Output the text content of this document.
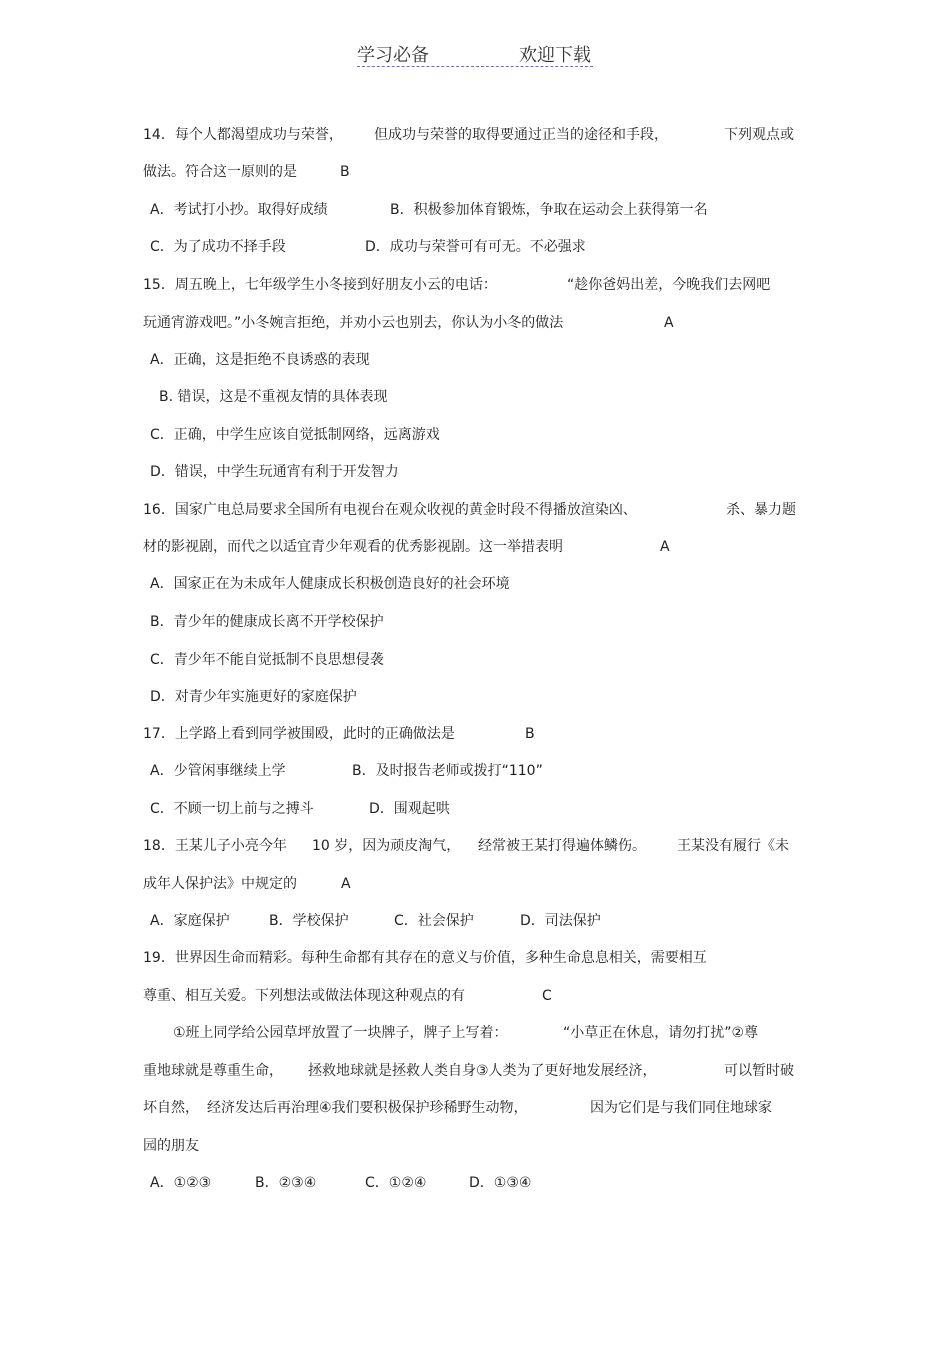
学习必备	欢迎下载
14．每个人都渴望成功与荣誉， 但成功与荣誉的取得要通过正当的途径和手段，	下列观点或
做法。符合这一原则的是	B
A．考试打小抄。取得好成绩	B．积极参加体育锻炼，争取在运动会上获得第一名
C．为了成功不择手段	D．成功与荣誉可有可无。不必强求
15．周五晚上，七年级学生小冬接到好朋友小云的电话：	“趁你爸妈出差，今晚我们去网吧
玩通宵游戏吧。”小冬婉言拒绝，并劝小云也别去，你认为小冬的做法	A
A．正确，这是拒绝不良诱惑的表现
B. 错误，这是不重视友情的具体表现
C．正确，中学生应该自觉抵制网络，远离游戏
D．错误，中学生玩通宵有利于开发智力
16．国家广电总局要求全国所有电视台在观众收视的黄金时段不得播放渲染凶、	杀、暴力题
材的影视剧，而代之以适宜青少年观看的优秀影视剧。这一举措表明	A
A．国家正在为未成年人健康成长积极创造良好的社会环境
B．青少年的健康成长离不开学校保护
C．青少年不能自觉抵制不良思想侵袭
D．对青少年实施更好的家庭保护
17．上学路上看到同学被围殴，此时的正确做法是	B
A．少管闲事继续上学	B．及时报告老师或拨打“110”
C．不顾一切上前与之搏斗	D．围观起哄
18．王某儿子小亮今年 10 岁，因为顽皮淘气， 经常被王某打得遍体鳞伤。 王某没有履行《未
成年人保护法》中规定的	A
A．家庭保护	B．学校保护	C．社会保护	D．司法保护
19．世界因生命而精彩。每种生命都有其存在的意义与价值，多种生命息息相关，需要相互
尊重、相互关爱。下列想法或做法体现这种观点的有	C
①班上同学给公园草坪放置了一块牌子，牌子上写着：	“小草正在休息，请勿打扰”②尊
重地球就是尊重生命， 拯救地球就是拯救人类自身③人类为了更好地发展经济，	可以暂时破
坏自然， 经济发达后再治理④我们要积极保护珍稀野生动物，	因为它们是与我们同住地球家
园的朋友
A．①②③	B．②③④	C．①②④	D．①③④
